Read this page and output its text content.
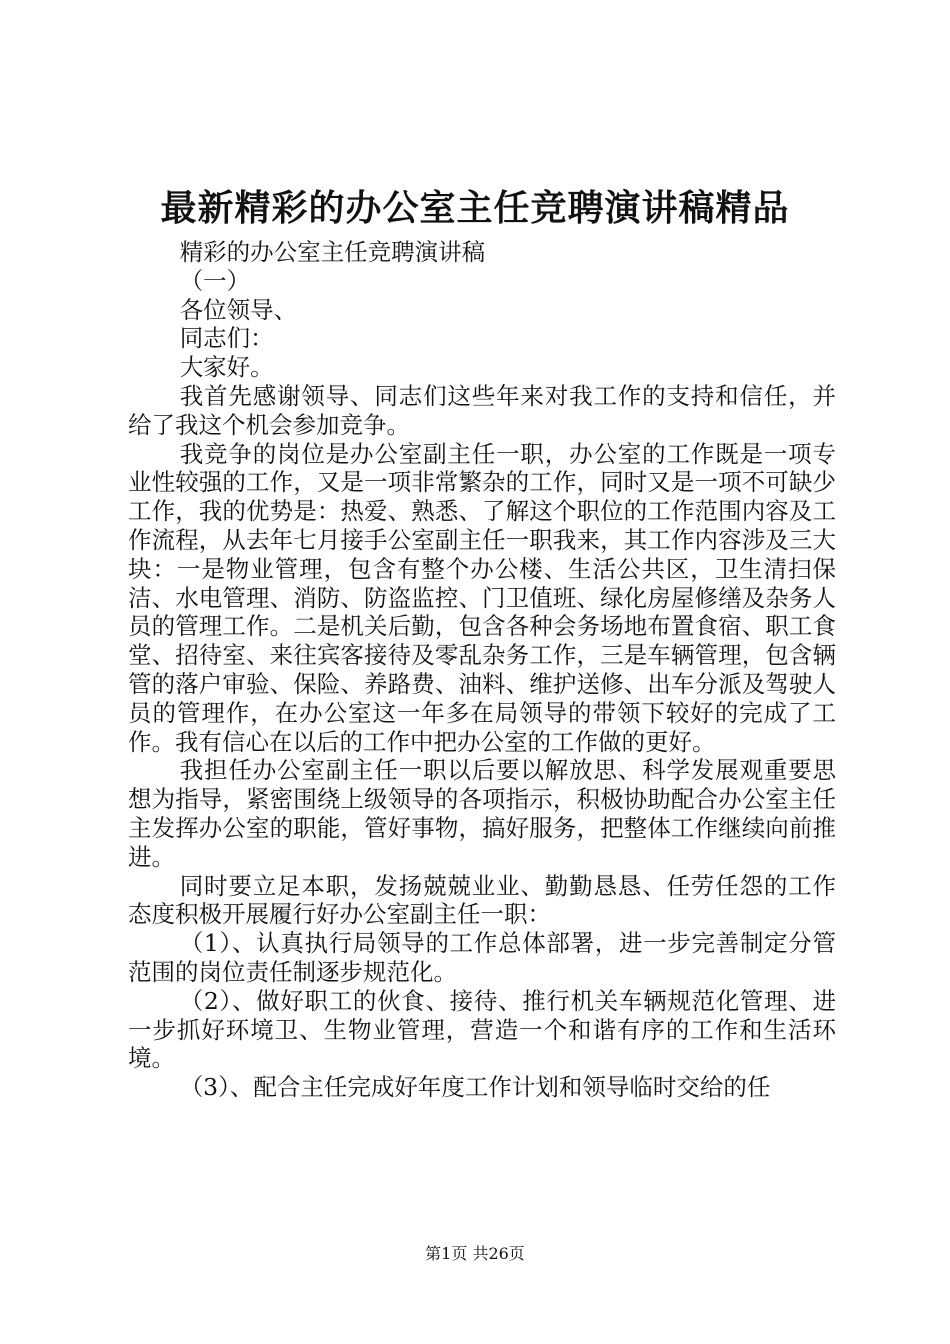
最新精彩的办公室主任竞聘演讲稿精品

精彩的办公室主任竞聘演讲稿

（一）

各位领导、

同志们：

大家好。

我首先感谢领导、同志们这些年来对我工作的支持和信任，并给了我这个机会参加竞争。

我竞争的岗位是办公室副主任一职，办公室的工作既是一项专业性较强的工作，又是一项非常繁杂的工作，同时又是一项不可缺少工作，我的优势是：热爱、熟悉、了解这个职位的工作范围内容及工作流程，从去年七月接手公室副主任一职我来，其工作内容涉及三大块：一是物业管理，包含有整个办公楼、生活公共区，卫生清扫保洁、水电管理、消防、防盗监控、门卫值班、绿化房屋修缮及杂务人员的管理工作。二是机关后勤，包含各种会务场地布置食宿、职工食堂、招待室、来往宾客接待及零乱杂务工作，三是车辆管理，包含辆管的落户审验、保险、养路费、油料、维护送修、出车分派及驾驶人员的管理作，在办公室这一年多在局领导的带领下较好的完成了工作。我有信心在以后的工作中把办公室的工作做的更好。

我担任办公室副主任一职以后要以解放思、科学发展观重要思想为指导，紧密围绕上级领导的各项指示，积极协助配合办公室主任主发挥办公室的职能，管好事物，搞好服务，把整体工作继续向前推进。

同时要立足本职，发扬兢兢业业、勤勤恳恳、任劳任怨的工作态度积极开展履行好办公室副主任一职：

（1）、认真执行局领导的工作总体部署，进一步完善制定分管范围的岗位责任制逐步规范化。

（2）、做好职工的伙食、接待、推行机关车辆规范化管理、进一步抓好环境卫、生物业管理，营造一个和谐有序的工作和生活环境。

（3）、配合主任完成好年度工作计划和领导临时交给的任

第1页 共26页
